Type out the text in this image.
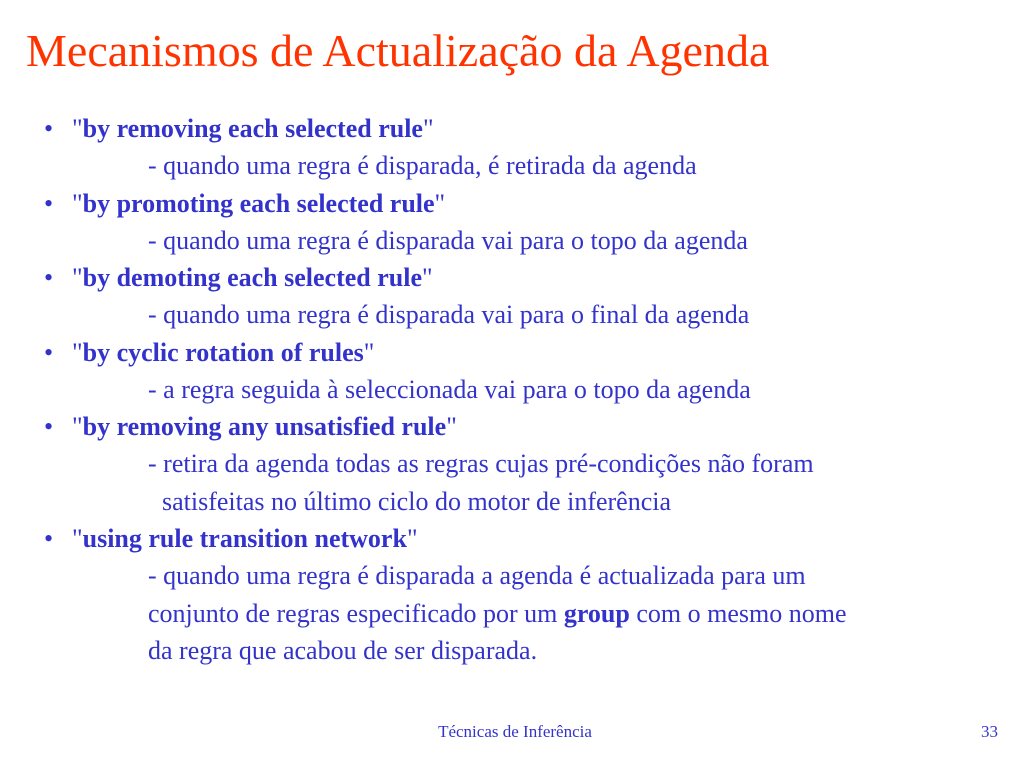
Mecanismos de Actualização da Agenda
• "by removing each selected rule"
- quando uma regra é disparada, é retirada da agenda
• "by promoting each selected rule"
- quando uma regra é disparada vai para o topo da agenda
• "by demoting each selected rule"
- quando uma regra é disparada vai para o final da agenda
• "by cyclic rotation of rules"
- a regra seguida à seleccionada vai para o topo da agenda
• "by removing any unsatisfied rule"
- retira da agenda todas as regras cujas pré-condições não foram
satisfeitas no último ciclo do motor de inferência
• "using rule transition network"
- quando uma regra é disparada a agenda é actualizada para um
conjunto de regras especificado por um group com o mesmo nome
da regra que acabou de ser disparada.
Técnicas de Inferência	33
